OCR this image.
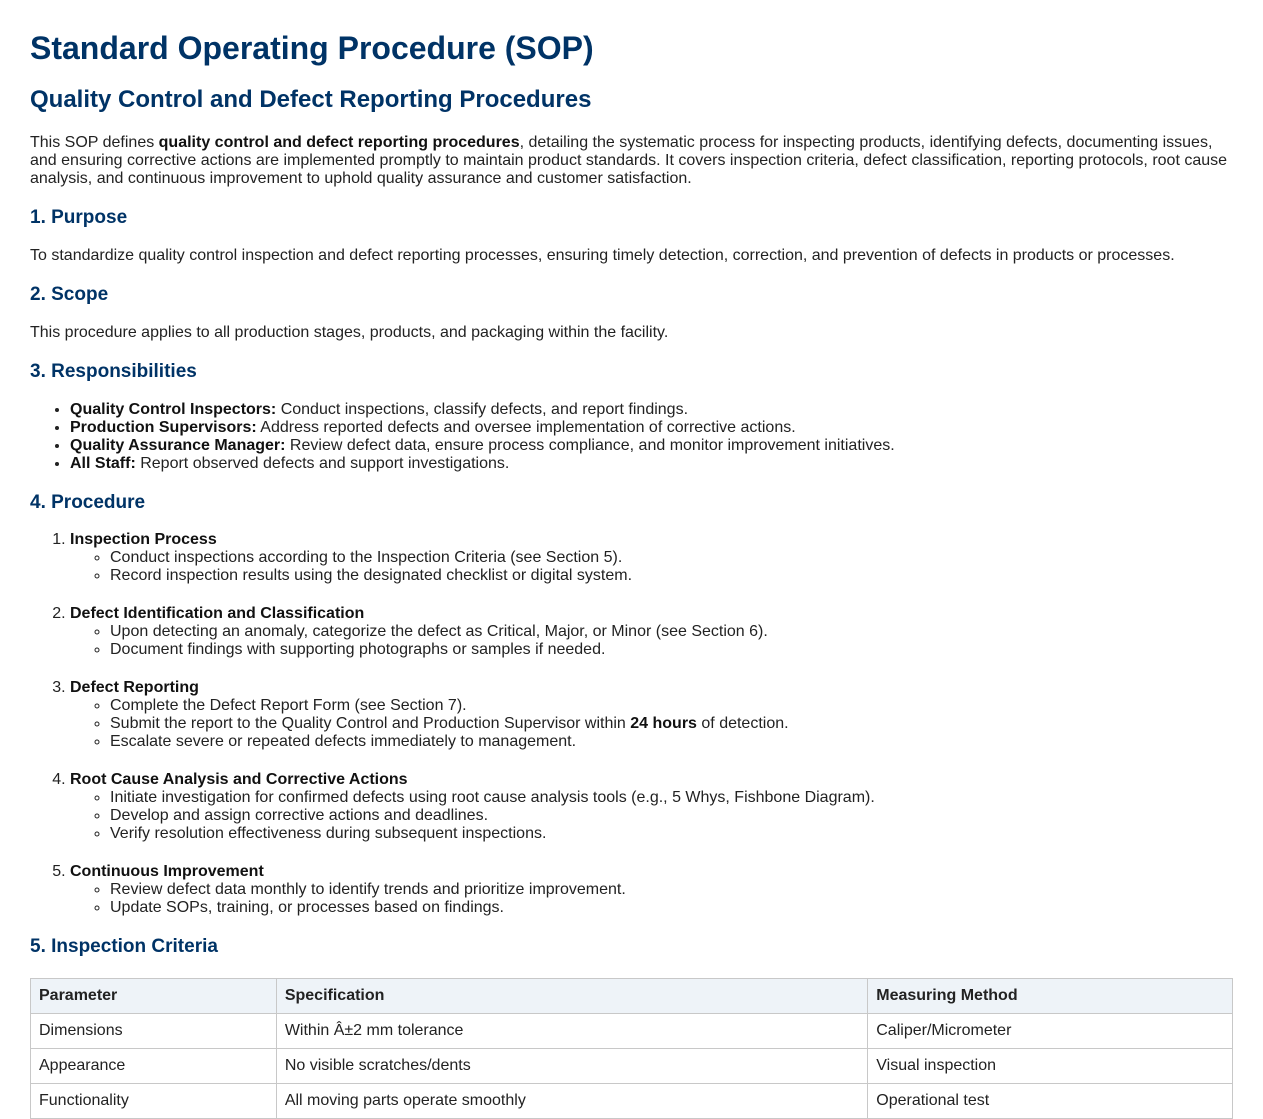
Standard Operating Procedure (SOP)
Quality Control and Defect Reporting Procedures

This SOP defines quality control and defect reporting procedures, detailing the systematic process for inspecting products, identifying defects, documenting issues, and ensuring corrective actions are implemented promptly to maintain product standards. It covers inspection criteria, defect classification, reporting protocols, root cause analysis, and continuous improvement to uphold quality assurance and customer satisfaction.

1. Purpose

To standardize quality control inspection and defect reporting processes, ensuring timely detection, correction, and prevention of defects in products or processes.

2. Scope

This procedure applies to all production stages, products, and packaging within the facility.

3. Responsibilities
• Quality Control Inspectors: Conduct inspections, classify defects, and report findings.
• Production Supervisors: Address reported defects and oversee implementation of corrective actions.
• Quality Assurance Manager: Review defect data, ensure process compliance, and monitor improvement initiatives.
• All Staff: Report observed defects and support investigations.
4. Procedure
1. Inspection Process
◦ Conduct inspections according to the Inspection Criteria (see Section 5).
◦ Record inspection results using the designated checklist or digital system.
2. Defect Identification and Classification
◦ Upon detecting an anomaly, categorize the defect as Critical, Major, or Minor (see Section 6).
◦ Document findings with supporting photographs or samples if needed.
3. Defect Reporting
◦ Complete the Defect Report Form (see Section 7).
◦ Submit the report to the Quality Control and Production Supervisor within 24 hours of detection.
◦ Escalate severe or repeated defects immediately to management.
4. Root Cause Analysis and Corrective Actions
◦ Initiate investigation for confirmed defects using root cause analysis tools (e.g., 5 Whys, Fishbone Diagram).
◦ Develop and assign corrective actions and deadlines.
◦ Verify resolution effectiveness during subsequent inspections.
5. Continuous Improvement
◦ Review defect data monthly to identify trends and prioritize improvement.
◦ Update SOPs, training, or processes based on findings.
5. Inspection Criteria
Parameter	Specification	Measuring Method
Dimensions	Within Â±2 mm tolerance	Caliper/Micrometer
Appearance	No visible scratches/dents	Visual inspection
Functionality	All moving parts operate smoothly	Operational test
